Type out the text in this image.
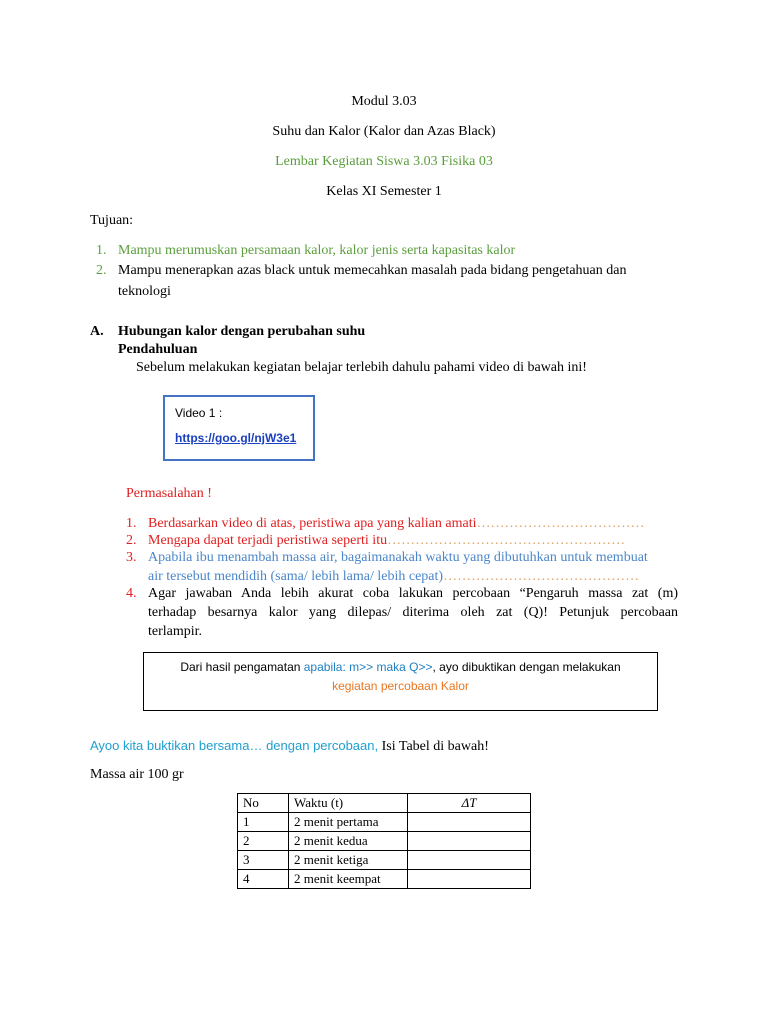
Modul 3.03
Suhu dan Kalor (Kalor dan Azas Black)
Lembar Kegiatan Siswa 3.03 Fisika 03
Kelas XI Semester 1
Tujuan:
1. Mampu merumuskan persamaan kalor, kalor jenis serta kapasitas kalor
2. Mampu menerapkan azas black untuk memecahkan masalah pada bidang pengetahuan dan
teknologi
A. Hubungan kalor dengan perubahan suhu
Pendahuluan
Sebelum melakukan kegiatan belajar terlebih dahulu pahami video di bawah ini!
Video 1 :
https://goo.gl/njW3e1
Permasalahan !
1. Berdasarkan video di atas, peristiwa apa yang kalian amati………………………………
2. Mengapa dapat terjadi peristiwa seperti itu……………………………………………
3. Apabila ibu menambah massa air, bagaimanakah waktu yang dibutuhkan untuk membuat
air tersebut mendidih (sama/ lebih lama/ lebih cepat)……………………………………
4. Agar jawaban Anda lebih akurat coba lakukan percobaan “Pengaruh massa zat (m)
terhadap besarnya kalor yang dilepas/ diterima oleh zat (Q)! Petunjuk percobaan
terlampir.
Dari hasil pengamatan apabila: m>> maka Q>>, ayo dibuktikan dengan melakukan
kegiatan percobaan Kalor
Ayoo kita buktikan bersama… dengan percobaan, Isi Tabel di bawah!
Massa air 100 gr
No	Waktu (t)	ΔT
1	2 menit pertama	
2	2 menit kedua	
3	2 menit ketiga	
4	2 menit keempat	
